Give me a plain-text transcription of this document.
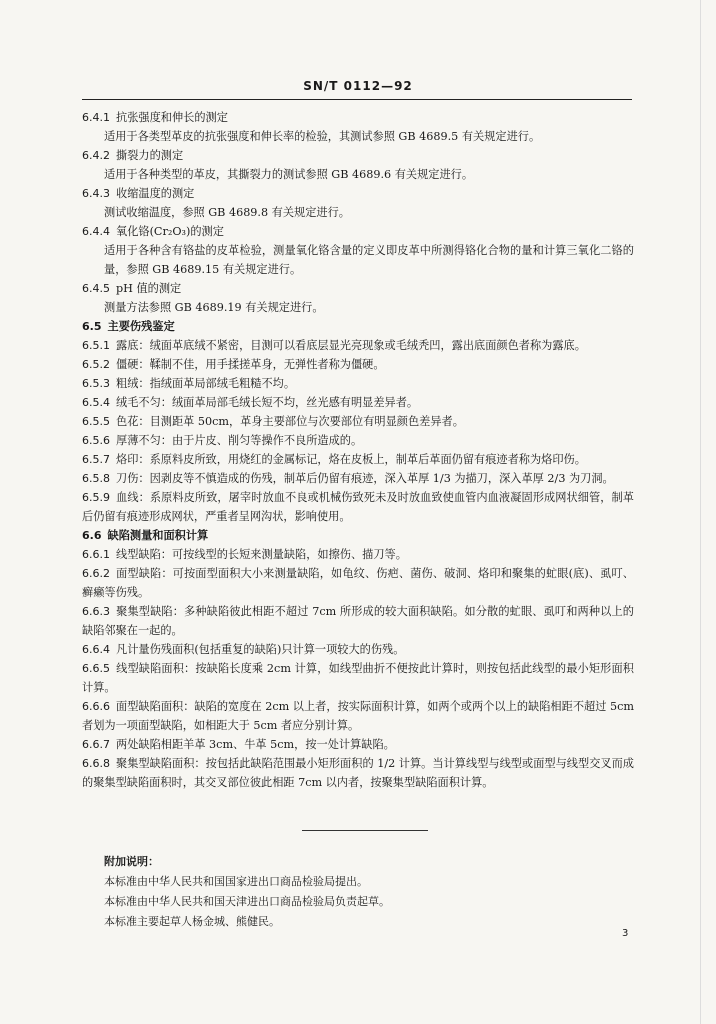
SN/T 0112—92
6.4.1 抗张强度和伸长的测定
适用于各类型革皮的抗张强度和伸长率的检验，其测试参照 GB 4689.5 有关规定进行。
6.4.2 撕裂力的测定
适用于各种类型的革皮，其撕裂力的测试参照 GB 4689.6 有关规定进行。
6.4.3 收缩温度的测定
测试收缩温度，参照 GB 4689.8 有关规定进行。
6.4.4 氧化铬(Cr₂O₃)的测定
适用于各种含有铬盐的皮革检验，测量氧化铬含量的定义即皮革中所测得铬化合物的量和计算三氧化二铬的量，参照 GB 4689.15 有关规定进行。
6.4.5 pH 值的测定
测量方法参照 GB 4689.19 有关规定进行。
6.5 主要伤残鉴定
6.5.1 露底：绒面革底绒不紧密，目测可以看底层显光亮现象或毛绒秃凹，露出底面颜色者称为露底。
6.5.2 僵硬：鞣制不佳，用手揉搓革身，无弹性者称为僵硬。
6.5.3 粗绒：指绒面革局部绒毛粗糙不均。
6.5.4 绒毛不匀：绒面革局部毛绒长短不均，丝光感有明显差异者。
6.5.5 色花：目测距革 50cm，革身主要部位与次要部位有明显颜色差异者。
6.5.6 厚薄不匀：由于片皮、削匀等操作不良所造成的。
6.5.7 烙印：系原料皮所致，用烧红的金属标记，烙在皮板上，制革后革面仍留有痕迹者称为烙印伤。
6.5.8 刀伤：因剥皮等不慎造成的伤残，制革后仍留有痕迹，深入革厚 1/3 为描刀，深入革厚 2/3 为刀洞。
6.5.9 血线：系原料皮所致，屠宰时放血不良或机械伤致死未及时放血致使血管内血液凝固形成网状细管，制革后仍留有痕迹形成网状，严重者呈网沟状，影响使用。
6.6 缺陷测量和面积计算
6.6.1 线型缺陷：可按线型的长短来测量缺陷，如擦伤、描刀等。
6.6.2 面型缺陷：可按面型面积大小来测量缺陷，如龟纹、伤疤、菌伤、破洞、烙印和聚集的虻眼(底)、虱叮、癣癞等伤残。
6.6.3 聚集型缺陷：多种缺陷彼此相距不超过 7cm 所形成的较大面积缺陷。如分散的虻眼、虱叮和两种以上的缺陷邻聚在一起的。
6.6.4 凡计量伤残面积(包括重复的缺陷)只计算一项较大的伤残。
6.6.5 线型缺陷面积：按缺陷长度乘 2cm 计算，如线型曲折不便按此计算时，则按包括此线型的最小矩形面积计算。
6.6.6 面型缺陷面积：缺陷的宽度在 2cm 以上者，按实际面积计算，如两个或两个以上的缺陷相距不超过 5cm 者划为一项面型缺陷，如相距大于 5cm 者应分别计算。
6.6.7 两处缺陷相距羊革 3cm、牛革 5cm，按一处计算缺陷。
6.6.8 聚集型缺陷面积：按包括此缺陷范围最小矩形面积的 1/2 计算。当计算线型与线型或面型与线型交叉而成的聚集型缺陷面积时，其交叉部位彼此相距 7cm 以内者，按聚集型缺陷面积计算。
附加说明：
本标准由中华人民共和国国家进出口商品检验局提出。
本标准由中华人民共和国天津进出口商品检验局负责起草。
本标准主要起草人杨金城、熊健民。
3
